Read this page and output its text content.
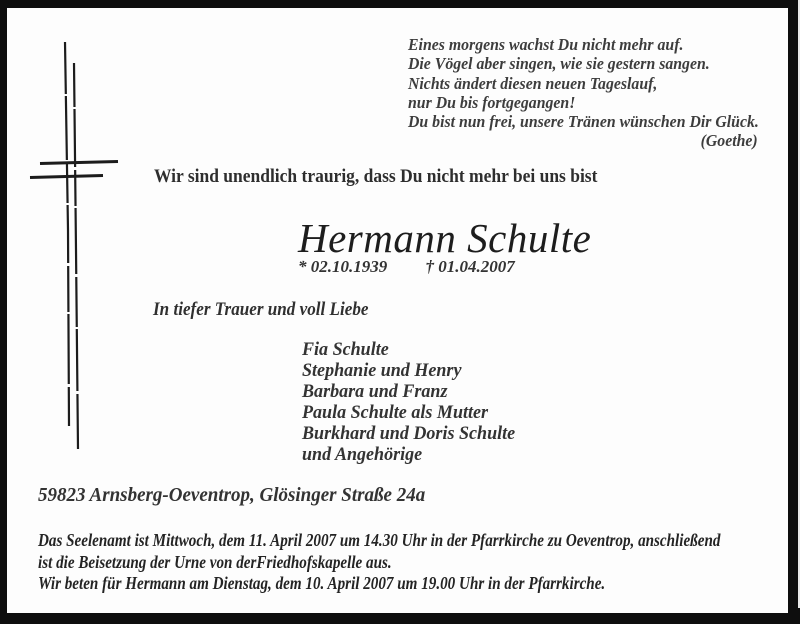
Eines morgens wachst Du nicht mehr auf.
Die Vögel aber singen, wie sie gestern sangen.
Nichts ändert diesen neuen Tageslauf,
nur Du bis fortgegangen!
Du bist nun frei, unsere Tränen wünschen Dir Glück.
(Goethe)
Wir sind unendlich traurig, dass Du nicht mehr bei uns bist
Hermann Schulte
* 02.10.1939 † 01.04.2007
In tiefer Trauer und voll Liebe
Fia Schulte
Stephanie und Henry
Barbara und Franz
Paula Schulte als Mutter
Burkhard und Doris Schulte
und Angehörige
59823 Arnsberg-Oeventrop, Glösinger Straße 24a
Das Seelenamt ist Mittwoch, dem 11. April 2007 um 14.30 Uhr in der Pfarrkirche zu Oeventrop, anschließend
ist die Beisetzung der Urne von derFriedhofskapelle aus.
Wir beten für Hermann am Dienstag, dem 10. April 2007 um 19.00 Uhr in der Pfarrkirche.
